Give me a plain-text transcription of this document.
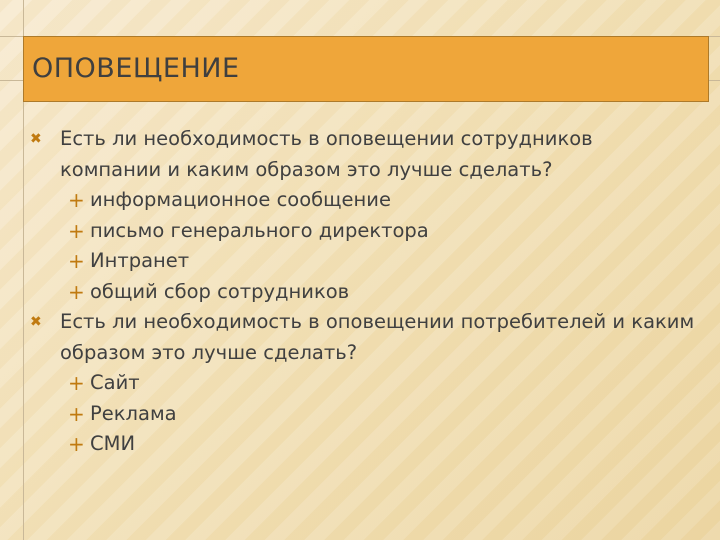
ОПОВЕЩЕНИЕ
✖ Есть ли необходимость в оповещении сотрудников компании и каким образом это лучше сделать?
+ информационное сообщение
+ письмо генерального директора
+ Интранет
+ общий сбор сотрудников
✖ Есть ли необходимость в оповещении потребителей и каким образом это лучше сделать?
+ Сайт
+ Реклама
+ СМИ
